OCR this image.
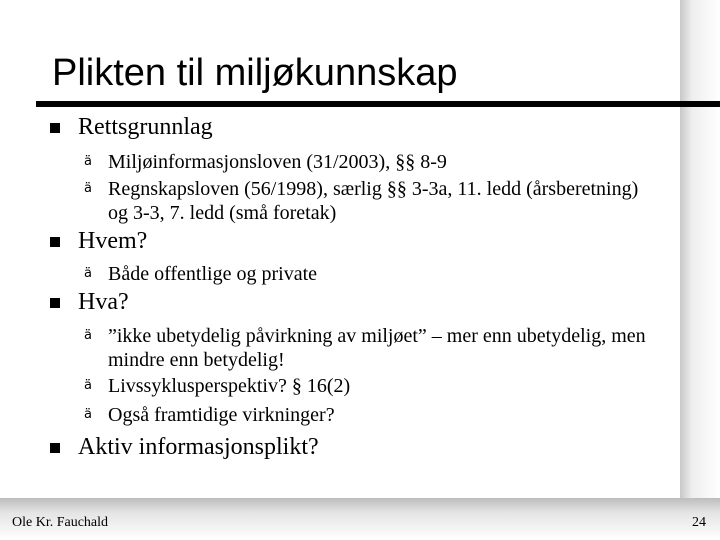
Plikten til miljøkunnskap
Rettsgrunnlag
ä Miljøinformasjonsloven (31/2003), §§ 8-9
ä Regnskapsloven (56/1998), særlig §§ 3-3a, 11. ledd (årsberetning) og 3-3, 7. ledd (små foretak)
Hvem?
ä Både offentlige og private
Hva?
ä ”ikke ubetydelig påvirkning av miljøet” – mer enn ubetydelig, men mindre enn betydelig!
ä Livssyklusperspektiv? § 16(2)
ä Også framtidige virkninger?
Aktiv informasjonsplikt?
Ole Kr. Fauchald	24
